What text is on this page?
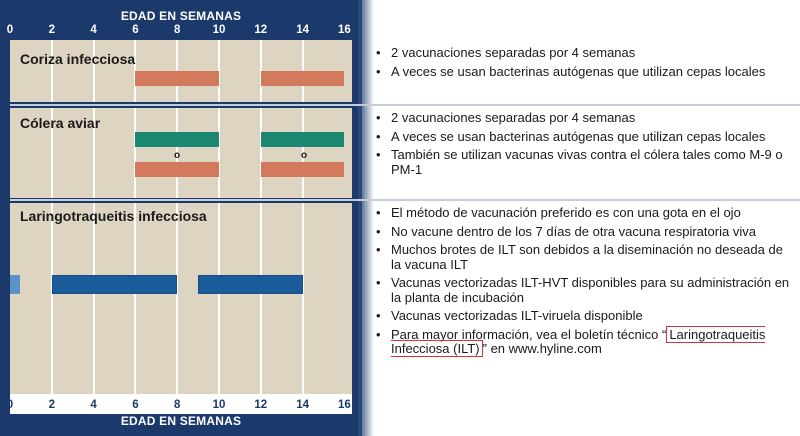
EDAD EN SEMANAS
0	2	4	6	8	10	12	14	16
Coriza infecciosa
Cólera aviar
Laringotraqueitis infecciosa
o	o
• 2 vacunaciones separadas por 4 semanas
• A veces se usan bacterinas autógenas que utilizan cepas locales
• 2 vacunaciones separadas por 4 semanas
• A veces se usan bacterinas autógenas que utilizan cepas locales
• También se utilizan vacunas vivas contra el cólera tales como M-9 o PM-1
• El método de vacunación preferido es con una gota en el ojo
• No vacune dentro de los 7 días de otra vacuna respiratoria viva
• Muchos brotes de ILT son debidos a la diseminación no deseada de la vacuna ILT
• Vacunas vectorizadas ILT-HVT disponibles para su administración en la planta de incubación
• Vacunas vectorizadas ILT-viruela disponible
• Para mayor información, vea el boletín técnico “ Laringotraqueitis Infecciosa (ILT) ” en www.hyline.com
EDAD EN SEMANAS
0	2	4	6	8	10	12	14	16
